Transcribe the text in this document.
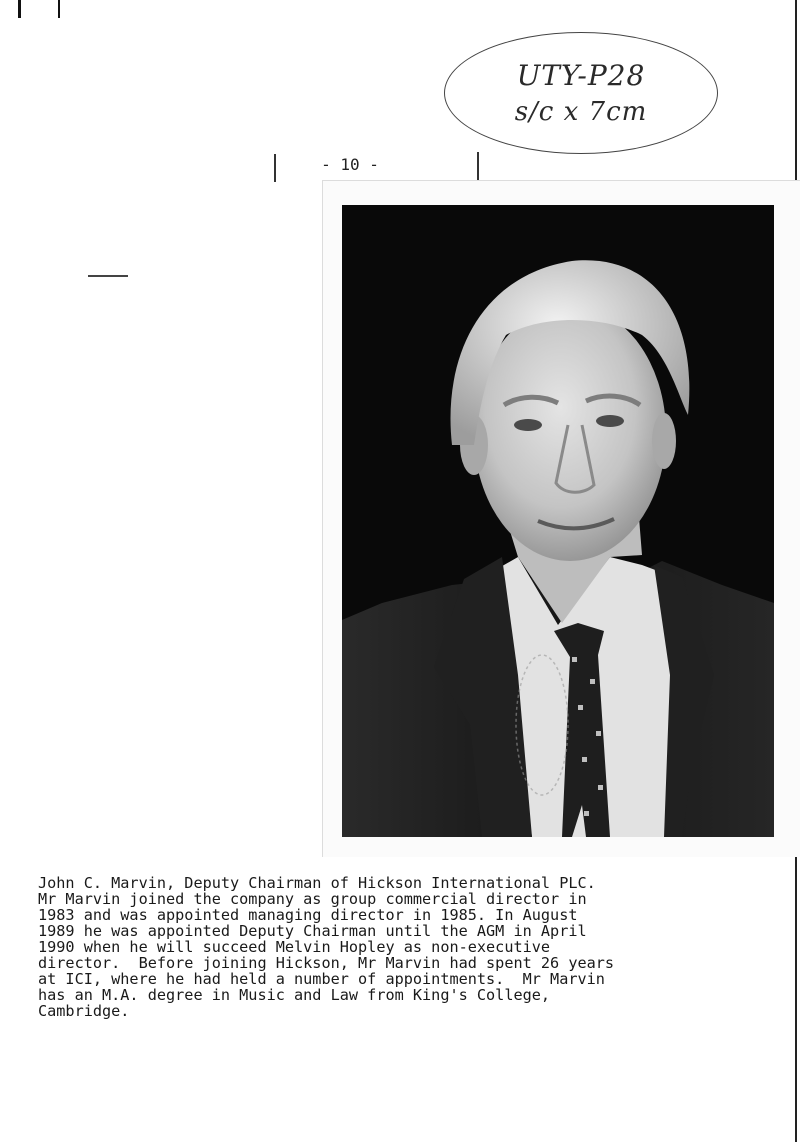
UTY-P28
s/c x 7cm
- 10 -
John C. Marvin, Deputy Chairman of Hickson International PLC.
Mr Marvin joined the company as group commercial director in
1983 and was appointed managing director in 1985. In August
1989 he was appointed Deputy Chairman until the AGM in April
1990 when he will succeed Melvin Hopley as non-executive
director.  Before joining Hickson, Mr Marvin had spent 26 years
at ICI, where he had held a number of appointments.  Mr Marvin
has an M.A. degree in Music and Law from King's College,
Cambridge.
